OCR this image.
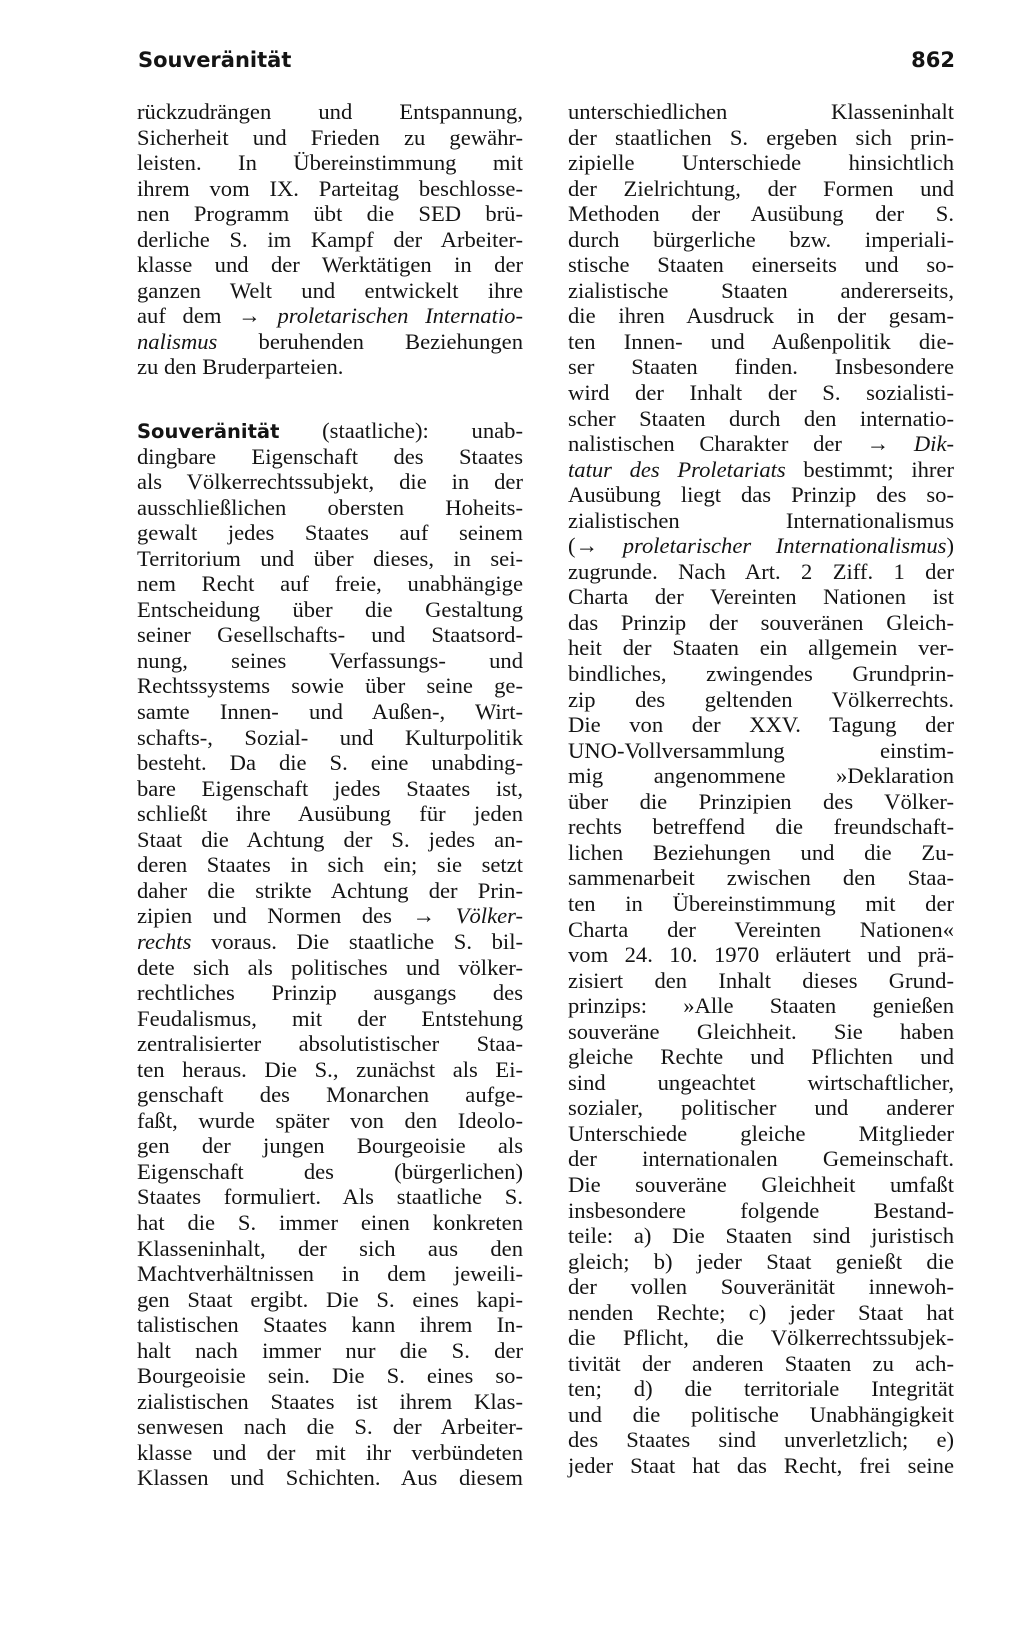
Souveränität	862
rückzudrängen und Entspannung,
Sicherheit und Frieden zu gewähr-
leisten. In Übereinstimmung mit
ihrem vom IX. Parteitag beschlosse-
nen Programm übt die SED brü-
derliche S. im Kampf der Arbeiter-
klasse und der Werktätigen in der
ganzen Welt und entwickelt ihre
auf dem → proletarischen Internatio-
nalismus beruhenden Beziehungen
zu den Bruderparteien.
Souveränität (staatliche): unab-
dingbare Eigenschaft des Staates
als Völkerrechtssubjekt, die in der
ausschließlichen obersten Hoheits-
gewalt jedes Staates auf seinem
Territorium und über dieses, in sei-
nem Recht auf freie, unabhängige
Entscheidung über die Gestaltung
seiner Gesellschafts- und Staatsord-
nung, seines Verfassungs- und
Rechtssystems sowie über seine ge-
samte Innen- und Außen-, Wirt-
schafts-, Sozial- und Kulturpolitik
besteht. Da die S. eine unabding-
bare Eigenschaft jedes Staates ist,
schließt ihre Ausübung für jeden
Staat die Achtung der S. jedes an-
deren Staates in sich ein; sie setzt
daher die strikte Achtung der Prin-
zipien und Normen des → Völker-
rechts voraus. Die staatliche S. bil-
dete sich als politisches und völker-
rechtliches Prinzip ausgangs des
Feudalismus, mit der Entstehung
zentralisierter absolutistischer Staa-
ten heraus. Die S., zunächst als Ei-
genschaft des Monarchen aufge-
faßt, wurde später von den Ideolo-
gen der jungen Bourgeoisie als
Eigenschaft des (bürgerlichen)
Staates formuliert. Als staatliche S.
hat die S. immer einen konkreten
Klasseninhalt, der sich aus den
Machtverhältnissen in dem jeweili-
gen Staat ergibt. Die S. eines kapi-
talistischen Staates kann ihrem In-
halt nach immer nur die S. der
Bourgeoisie sein. Die S. eines so-
zialistischen Staates ist ihrem Klas-
senwesen nach die S. der Arbeiter-
klasse und der mit ihr verbündeten
Klassen und Schichten. Aus diesem
unterschiedlichen Klasseninhalt
der staatlichen S. ergeben sich prin-
zipielle Unterschiede hinsichtlich
der Zielrichtung, der Formen und
Methoden der Ausübung der S.
durch bürgerliche bzw. imperiali-
stische Staaten einerseits und so-
zialistische Staaten andererseits,
die ihren Ausdruck in der gesam-
ten Innen- und Außenpolitik die-
ser Staaten finden. Insbesondere
wird der Inhalt der S. sozialisti-
scher Staaten durch den internatio-
nalistischen Charakter der → Dik-
tatur des Proletariats bestimmt; ihrer
Ausübung liegt das Prinzip des so-
zialistischen Internationalismus
(→ proletarischer Internationalismus)
zugrunde. Nach Art. 2 Ziff. 1 der
Charta der Vereinten Nationen ist
das Prinzip der souveränen Gleich-
heit der Staaten ein allgemein ver-
bindliches, zwingendes Grundprin-
zip des geltenden Völkerrechts.
Die von der XXV. Tagung der
UNO-Vollversammlung einstim-
mig angenommene »Deklaration
über die Prinzipien des Völker-
rechts betreffend die freundschaft-
lichen Beziehungen und die Zu-
sammenarbeit zwischen den Staa-
ten in Übereinstimmung mit der
Charta der Vereinten Nationen«
vom 24. 10. 1970 erläutert und prä-
zisiert den Inhalt dieses Grund-
prinzips: »Alle Staaten genießen
souveräne Gleichheit. Sie haben
gleiche Rechte und Pflichten und
sind ungeachtet wirtschaftlicher,
sozialer, politischer und anderer
Unterschiede gleiche Mitglieder
der internationalen Gemeinschaft.
Die souveräne Gleichheit umfaßt
insbesondere folgende Bestand-
teile: a) Die Staaten sind juristisch
gleich; b) jeder Staat genießt die
der vollen Souveränität innewoh-
nenden Rechte; c) jeder Staat hat
die Pflicht, die Völkerrechtssubjek-
tivität der anderen Staaten zu ach-
ten; d) die territoriale Integrität
und die politische Unabhängigkeit
des Staates sind unverletzlich; e)
jeder Staat hat das Recht, frei seine
